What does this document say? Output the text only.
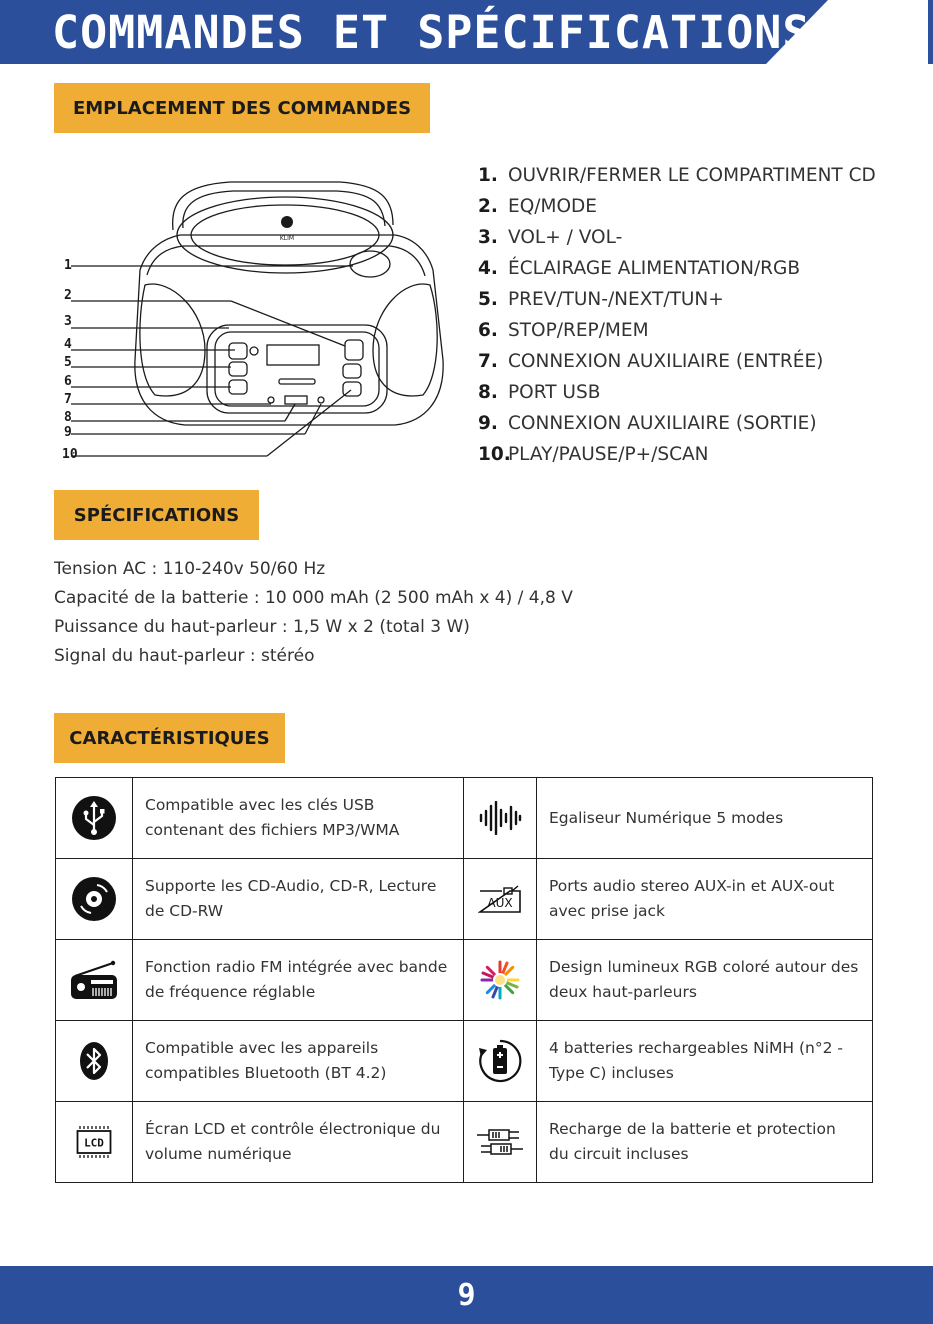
COMMANDES ET SPÉCIFICATIONS
EMPLACEMENT DES COMMANDES
KLIM
1
2
3
4
5
6
7
8
9
10
1. OUVRIR/FERMER LE COMPARTIMENT CD
2. EQ/MODE
3. VOL+ / VOL-
4. ÉCLAIRAGE ALIMENTATION/RGB
5. PREV/TUN-/NEXT/TUN+
6. STOP/REP/MEM
7. CONNEXION AUXILIAIRE (ENTRÉE)
8. PORT USB
9. CONNEXION AUXILIAIRE (SORTIE)
10.
PLAY/PAUSE/P+/SCAN
SPÉCIFICATIONS
Tension AC : 110-240v 50/60 Hz
Capacité de la batterie : 10 000 mAh (2 500 mAh x 4) / 4,8 V
Puissance du haut-parleur : 1,5 W x 2 (total 3 W)
Signal du haut-parleur : stéréo
CARACTÉRISTIQUES
	Compatible avec les clés USB contenant des fichiers MP3/WMA		Egaliseur Numérique 5 modes
	Supporte les CD-Audio, CD-R, Lecture de CD-RW	AUX	Ports audio stereo AUX-in et AUX-out avec prise jack
	Fonction radio FM intégrée avec bande de fréquence réglable		Design lumineux RGB coloré autour des deux haut-parleurs
	Compatible avec les appareils compatibles Bluetooth (BT 4.2)		4 batteries rechargeables NiMH (n°2 - Type C) incluses

LCD	Écran LCD et contrôle électronique du volume numérique		Recharge de la batterie et protection du circuit incluses
9
